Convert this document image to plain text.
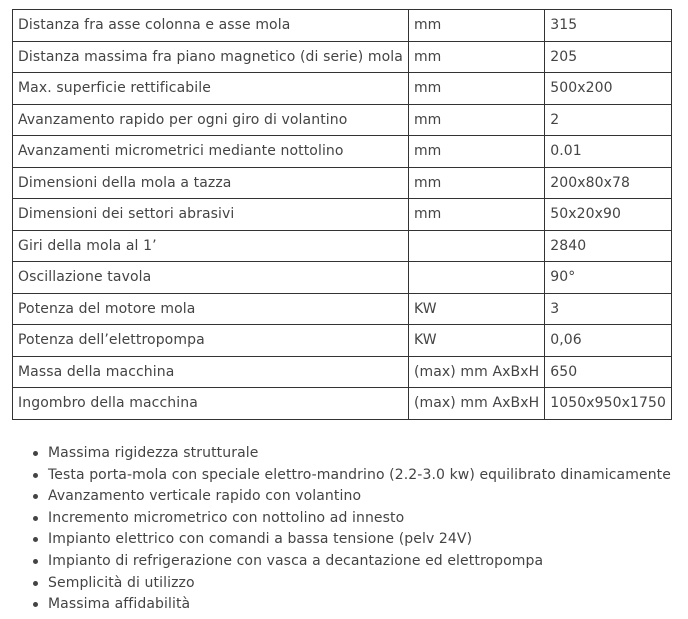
Distanza fra asse colonna e asse mola	mm	315
Distanza massima fra piano magnetico (di serie) mola	mm	205
Max. superficie rettificabile	mm	500x200
Avanzamento rapido per ogni giro di volantino	mm	2
Avanzamenti micrometrici mediante nottolino	mm	0.01
Dimensioni della mola a tazza	mm	200x80x78
Dimensioni dei settori abrasivi	mm	50x20x90
Giri della mola al 1’		2840
Oscillazione tavola		90°
Potenza del motore mola	KW	3
Potenza dell’elettropompa	KW	0,06
Massa della macchina	(max) mm AxBxH	650
Ingombro della macchina	(max) mm AxBxH	1050x950x1750
Massima rigidezza strutturale
Testa porta-mola con speciale elettro-mandrino (2.2-3.0 kw) equilibrato dinamicamente
Avanzamento verticale rapido con volantino
Incremento micrometrico con nottolino ad innesto
Impianto elettrico con comandi a bassa tensione (pelv 24V)
Impianto di refrigerazione con vasca a decantazione ed elettropompa
Semplicità di utilizzo
Massima affidabilità
